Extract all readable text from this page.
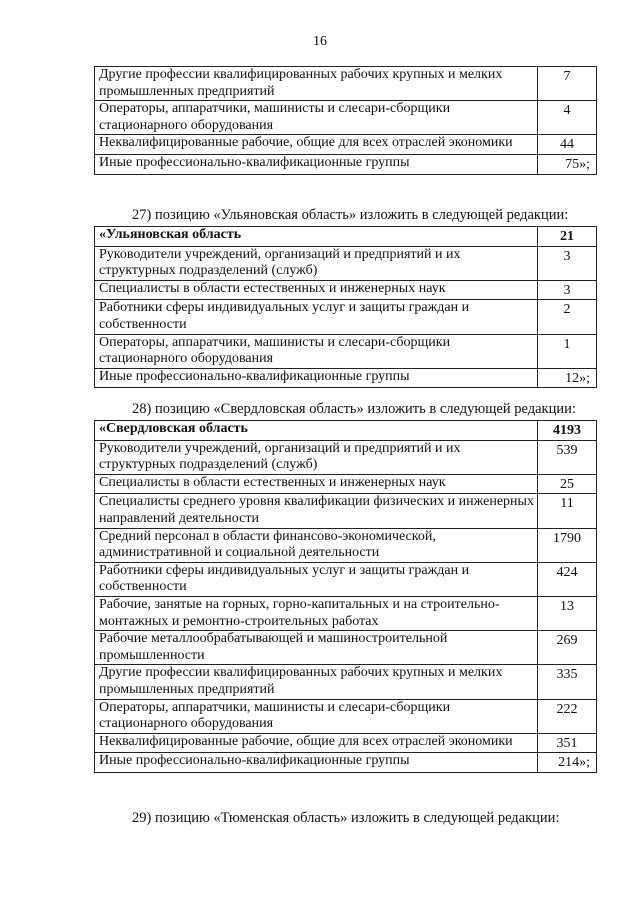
16
Другие профессии квалифицированных рабочих крупных и мелких промышленных предприятий	7
Операторы, аппаратчики, машинисты и слесари-сборщики стационарного оборудования	4
Неквалифицированные рабочие, общие для всех отраслей экономики	44
Иные профессионально-квалификационные группы	75»;
27) позицию «Ульяновская область» изложить в следующей редакции:
«Ульяновская область	21
Руководители учреждений, организаций и предприятий и их структурных подразделений (служб)	3
Специалисты в области естественных и инженерных наук	3
Работники сферы индивидуальных услуг и защиты граждан и собственности	2
Операторы, аппаратчики, машинисты и слесари-сборщики стационарного оборудования	1
Иные профессионально-квалификационные группы	12»;
28) позицию «Свердловская область» изложить в следующей редакции:
«Свердловская область	4193
Руководители учреждений, организаций и предприятий и их структурных подразделений (служб)	539
Специалисты в области естественных и инженерных наук	25
Специалисты среднего уровня квалификации физических и инженерных направлений деятельности	11
Средний персонал в области финансово-экономической, административной и социальной деятельности	1790
Работники сферы индивидуальных услуг и защиты граждан и собственности	424
Рабочие, занятые на горных, горно-капитальных и на строительно-монтажных и ремонтно-строительных работах	13
Рабочие металлообрабатывающей и машиностроительной промышленности	269
Другие профессии квалифицированных рабочих крупных и мелких промышленных предприятий	335
Операторы, аппаратчики, машинисты и слесари-сборщики стационарного оборудования	222
Неквалифицированные рабочие, общие для всех отраслей экономики	351
Иные профессионально-квалификационные группы	214»;
29) позицию «Тюменская область» изложить в следующей редакции:
